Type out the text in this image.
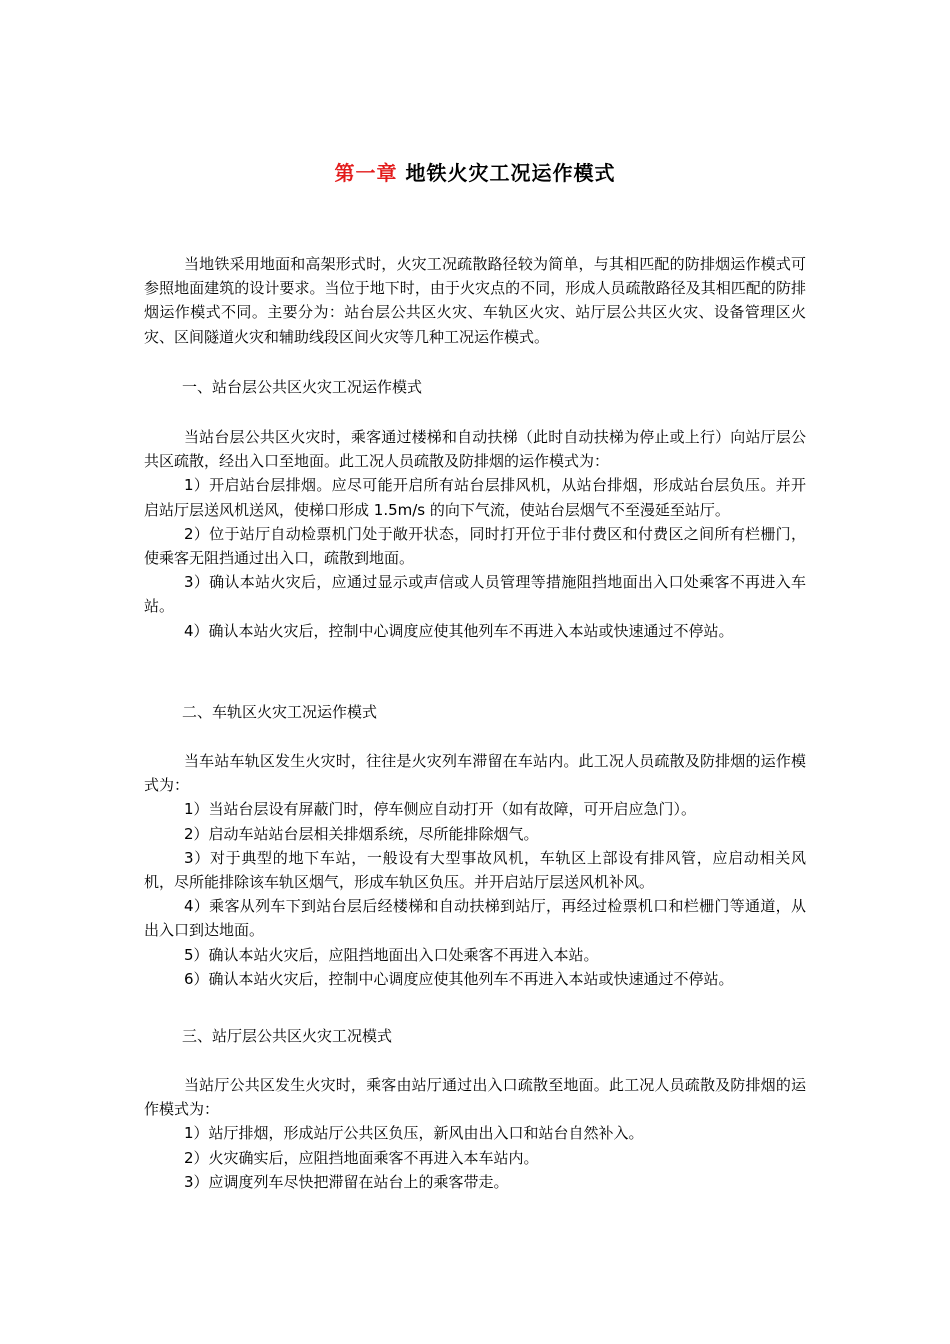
第一章 地铁火灾工况运作模式

当地铁采用地面和高架形式时，火灾工况疏散路径较为简单，与其相匹配的防排烟运作模式可参照地面建筑的设计要求。当位于地下时，由于火灾点的不同，形成人员疏散路径及其相匹配的防排烟运作模式不同。主要分为：站台层公共区火灾、车轨区火灾、站厅层公共区火灾、设备管理区火灾、区间隧道火灾和辅助线段区间火灾等几种工况运作模式。

一、站台层公共区火灾工况运作模式

当站台层公共区火灾时，乘客通过楼梯和自动扶梯（此时自动扶梯为停止或上行）向站厅层公共区疏散，经出入口至地面。此工况人员疏散及防排烟的运作模式为：

1）开启站台层排烟。应尽可能开启所有站台层排风机，从站台排烟，形成站台层负压。并开启站厅层送风机送风，使梯口形成 1.5m/s 的向下气流，使站台层烟气不至漫延至站厅。

2）位于站厅自动检票机门处于敞开状态，同时打开位于非付费区和付费区之间所有栏栅门，使乘客无阻挡通过出入口，疏散到地面。

3）确认本站火灾后，应通过显示或声信或人员管理等措施阻挡地面出入口处乘客不再进入车站。

4）确认本站火灾后，控制中心调度应使其他列车不再进入本站或快速通过不停站。

二、车轨区火灾工况运作模式

当车站车轨区发生火灾时，往往是火灾列车滞留在车站内。此工况人员疏散及防排烟的运作模式为：

1）当站台层设有屏蔽门时，停车侧应自动打开（如有故障，可开启应急门）。

2）启动车站站台层相关排烟系统，尽所能排除烟气。

3）对于典型的地下车站，一般设有大型事故风机，车轨区上部设有排风管，应启动相关风机，尽所能排除该车轨区烟气，形成车轨区负压。并开启站厅层送风机补风。

4）乘客从列车下到站台层后经楼梯和自动扶梯到站厅，再经过检票机口和栏栅门等通道，从出入口到达地面。

5）确认本站火灾后，应阻挡地面出入口处乘客不再进入本站。

6）确认本站火灾后，控制中心调度应使其他列车不再进入本站或快速通过不停站。

三、站厅层公共区火灾工况模式

当站厅公共区发生火灾时，乘客由站厅通过出入口疏散至地面。此工况人员疏散及防排烟的运作模式为：

1）站厅排烟，形成站厅公共区负压，新风由出入口和站台自然补入。

2）火灾确实后，应阻挡地面乘客不再进入本车站内。

3）应调度列车尽快把滞留在站台上的乘客带走。
